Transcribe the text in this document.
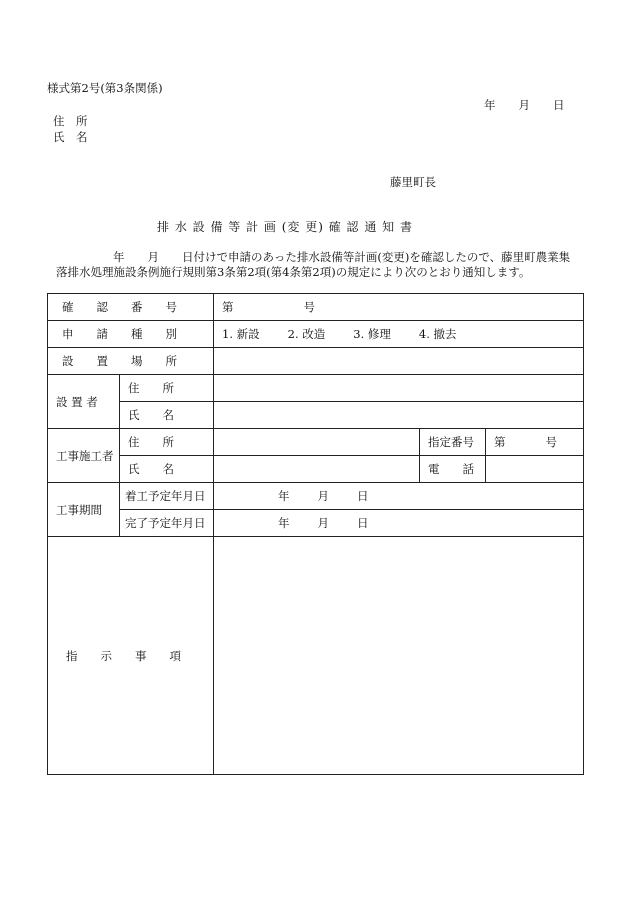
様式第2号(第3条関係)
年　　月　　日
住　所
氏　名
藤里町長
排 水 設 備 等 計 画 (変 更) 確 認 通 知 書
年　　月　　日付けで申請のあった排水設備等計画(変更)を確認したので、藤里町農業集
落排水処理施設条例施行規則第3条第2項(第4条第2項)の規定により次のとおり通知します。
確　　認　　番　　号		第 号		

申　　請　　種　　別		1. 新設 2. 改造 3. 修理 4. 撤去		

設　　置　　場　　所				

設 置 者	住　　所			
	氏　　名			
工事施工者	住　　所		指定番号	第 号
	氏　　名		電　　話	
工事期間	着工予定年月日	年 月 日		
	完了予定年月日	年 月 日		

指　　示　　事　　項				
